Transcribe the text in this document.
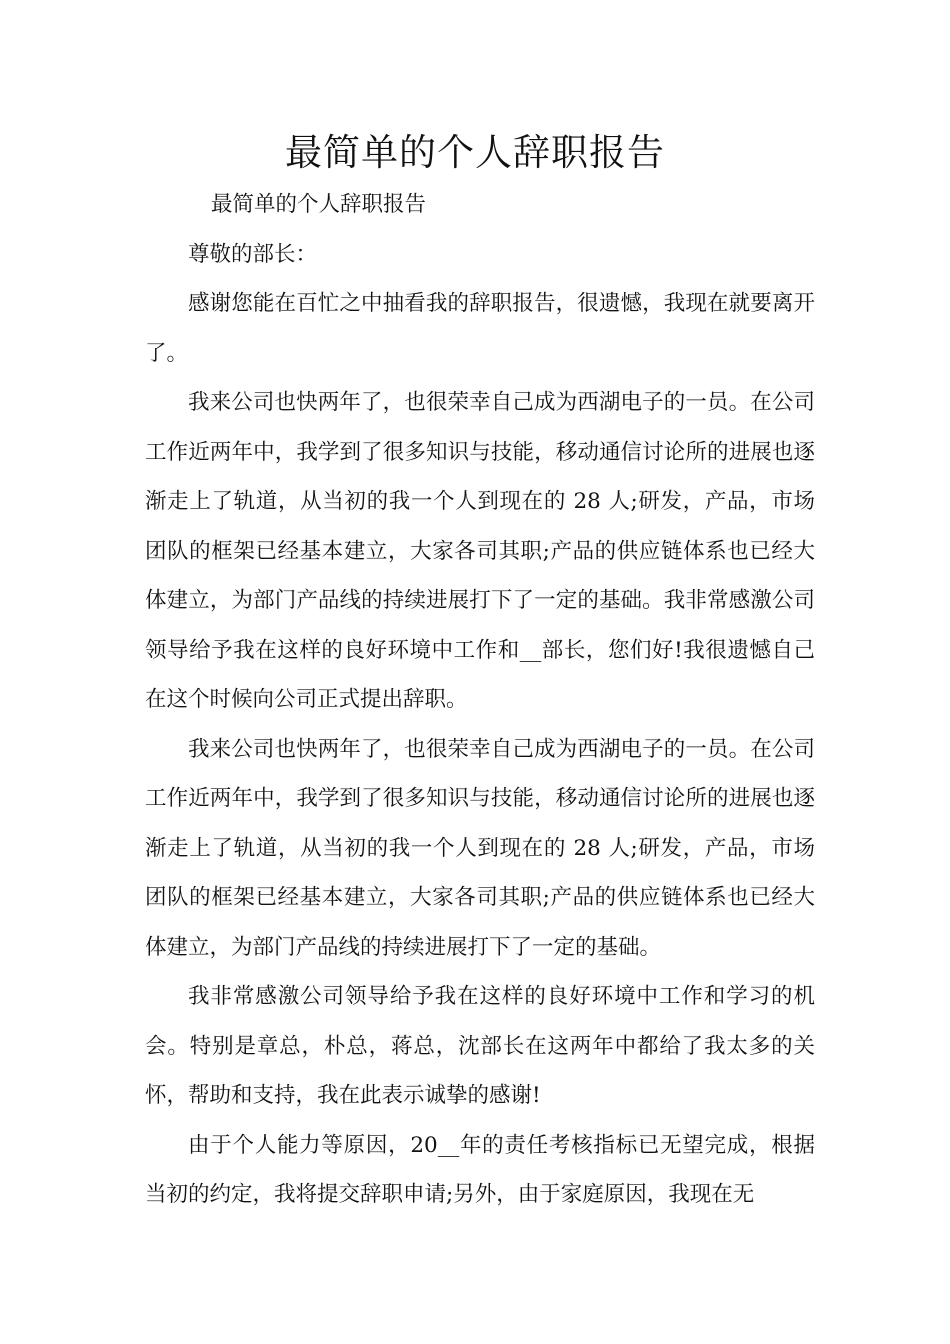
最简单的个人辞职报告

最简单的个人辞职报告

尊敬的部长：

感谢您能在百忙之中抽看我的辞职报告，很遗憾，我现在就要离开了。

我来公司也快两年了，也很荣幸自己成为西湖电子的一员。在公司工作近两年中，我学到了很多知识与技能，移动通信讨论所的进展也逐渐走上了轨道，从当初的我一个人到现在的 28 人;研发，产品，市场团队的框架已经基本建立，大家各司其职;产品的供应链体系也已经大体建立，为部门产品线的持续进展打下了一定的基础。我非常感激公司领导给予我在这样的良好环境中工作和__部长，您们好!我很遗憾自己在这个时候向公司正式提出辞职。

我来公司也快两年了，也很荣幸自己成为西湖电子的一员。在公司工作近两年中，我学到了很多知识与技能，移动通信讨论所的进展也逐渐走上了轨道，从当初的我一个人到现在的 28 人;研发，产品，市场团队的框架已经基本建立，大家各司其职;产品的供应链体系也已经大体建立，为部门产品线的持续进展打下了一定的基础。

我非常感激公司领导给予我在这样的良好环境中工作和学习的机会。特别是章总，朴总，蒋总，沈部长在这两年中都给了我太多的关怀，帮助和支持，我在此表示诚挚的感谢!

由于个人能力等原因，20__年的责任考核指标已无望完成，根据当初的约定，我将提交辞职申请;另外，由于家庭原因，我现在无
